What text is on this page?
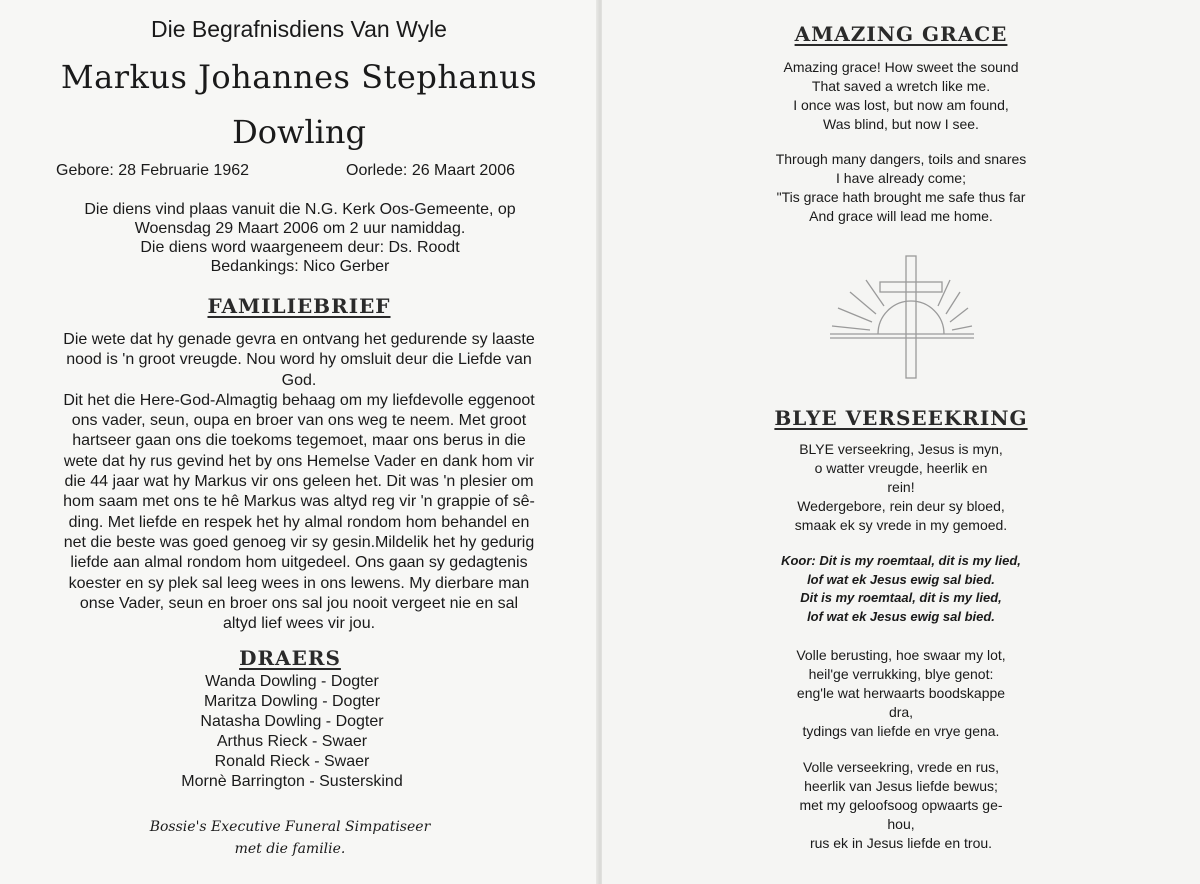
Die Begrafnisdiens Van Wyle
Markus Johannes Stephanus
Dowling
Gebore: 28 Februarie 1962	Oorlede: 26 Maart 2006
Die diens vind plaas vanuit die N.G. Kerk Oos-Gemeente, op
Woensdag 29 Maart 2006 om 2 uur namiddag.
Die diens word waargeneem deur: Ds. Roodt
Bedankings: Nico Gerber
FAMILIEBRIEF
Die wete dat hy genade gevra en ontvang het gedurende sy laaste
nood is 'n groot vreugde. Nou word hy omsluit deur die Liefde van
God.
Dit het die Here-God-Almagtig behaag om my liefdevolle eggenoot
ons vader, seun, oupa en broer van ons weg te neem. Met groot
hartseer gaan ons die toekoms tegemoet, maar ons berus in die
wete dat hy rus gevind het by ons Hemelse Vader en dank hom vir
die 44 jaar wat hy Markus vir ons geleen het. Dit was 'n plesier om
hom saam met ons te hê Markus was altyd reg vir 'n grappie of sê-
ding. Met liefde en respek het hy almal rondom hom behandel en
net die beste was goed genoeg vir sy gesin.Mildelik het hy gedurig
liefde aan almal rondom hom uitgedeel. Ons gaan sy gedagtenis
koester en sy plek sal leeg wees in ons lewens. My dierbare man
onse Vader, seun en broer ons sal jou nooit vergeet nie en sal
altyd lief wees vir jou.
DRAERS
Wanda Dowling - Dogter
Maritza Dowling - Dogter
Natasha Dowling - Dogter
Arthus Rieck - Swaer
Ronald Rieck - Swaer
Mornè Barrington - Susterskind
Bossie's Executive Funeral Simpatiseer
met die familie.
AMAZING GRACE
Amazing grace! How sweet the sound
That saved a wretch like me.
I once was lost, but now am found,
Was blind, but now I see.
Through many dangers, toils and snares
I have already come;
"Tis grace hath brought me safe thus far
And grace will lead me home.
BLYE VERSEEKRING
BLYE verseekring, Jesus is myn,
o watter vreugde, heerlik en
rein!
Wedergebore, rein deur sy bloed,
smaak ek sy vrede in my gemoed.
Koor: Dit is my roemtaal, dit is my lied,
lof wat ek Jesus ewig sal bied.
Dit is my roemtaal, dit is my lied,
lof wat ek Jesus ewig sal bied.
Volle berusting, hoe swaar my lot,
heil'ge verrukking, blye genot:
eng'le wat herwaarts boodskappe
dra,
tydings van liefde en vrye gena.
Volle verseekring, vrede en rus,
heerlik van Jesus liefde bewus;
met my geloofsoog opwaarts ge-
hou,
rus ek in Jesus liefde en trou.
